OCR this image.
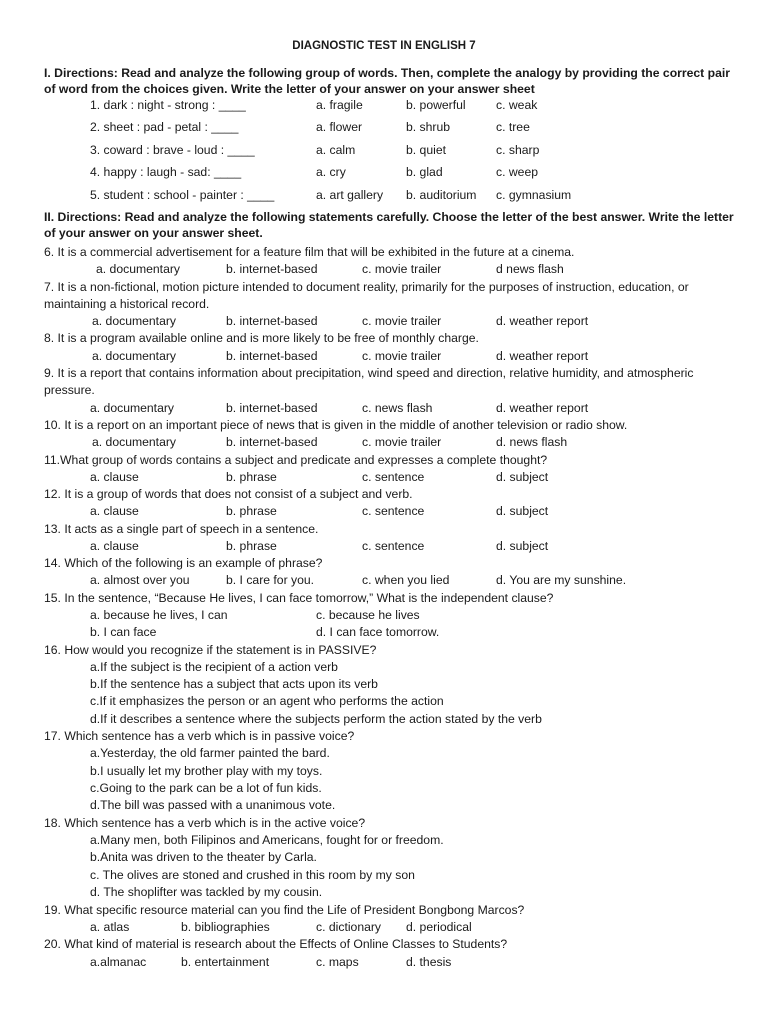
DIAGNOSTIC TEST IN ENGLISH 7
I. Directions: Read and analyze the following group of words. Then, complete the analogy by providing the correct pair of word from the choices given. Write the letter of your answer on your answer sheet
1. dark : night - strong : ____	a. fragile	b. powerful c. weak
2. sheet : pad - petal : ____	a. flower	b. shrub	c. tree
3. coward : brave - loud : ____	a. calm	b. quiet	c. sharp
4. happy : laugh - sad: ____	a. cry	b. glad	c. weep
5. student : school - painter : ____	a. art gallery b. auditorium c. gymnasium
II. Directions: Read and analyze the following statements carefully. Choose the letter of the best answer. Write the letter of your answer on your answer sheet.
6. It is a commercial advertisement for a feature film that will be exhibited in the future at a cinema.
a. documentary	b. internet-based	c. movie trailer	d news flash
7. It is a non-fictional, motion picture intended to document reality, primarily for the purposes of instruction, education, or maintaining a historical record.
a. documentary	b. internet-based	c. movie trailer	d. weather report
8. It is a program available online and is more likely to be free of monthly charge.
a. documentary	b. internet-based	c. movie trailer	d. weather report
9. It is a report that contains information about precipitation, wind speed and direction, relative humidity, and atmospheric pressure.
a. documentary	b. internet-based	c. news flash	d. weather report
10. It is a report on an important piece of news that is given in the middle of another television or radio show.
a. documentary	b. internet-based	c. movie trailer	d. news flash
11.What group of words contains a subject and predicate and expresses a complete thought?
a. clause	b. phrase	c. sentence	d. subject
12. It is a group of words that does not consist of a subject and verb.
a. clause	b. phrase	c. sentence	d. subject
13. It acts as a single part of speech in a sentence.
a. clause	b. phrase	c. sentence	d. subject
14. Which of the following is an example of phrase?
a. almost over you	b. I care for you.	c. when you lied	d. You are my sunshine.
15. In the sentence, “Because He lives, I can face tomorrow,” What is the independent clause?
a. because he lives, I can	c. because he lives
b. I can face	d. I can face tomorrow.
16. How would you recognize if the statement is in PASSIVE?
a.If the subject is the recipient of a action verb
b.If the sentence has a subject that acts upon its verb
c.If it emphasizes the person or an agent who performs the action
d.If it describes a sentence where the subjects perform the action stated by the verb
17. Which sentence has a verb which is in passive voice?
a.Yesterday, the old farmer painted the bard.
b.I usually let my brother play with my toys.
c.Going to the park can be a lot of fun kids.
d.The bill was passed with a unanimous vote.
18. Which sentence has a verb which is in the active voice?
a.Many men, both Filipinos and Americans, fought for or freedom.
b.Anita was driven to the theater by Carla.
c. The olives are stoned and crushed in this room by my son
d. The shoplifter was tackled by my cousin.
19. What specific resource material can you find the Life of President Bongbong Marcos?
a. atlas	b. bibliographies	c. dictionary d. periodical
20. What kind of material is research about the Effects of Online Classes to Students?
a.almanac	b. entertainment	c. maps	d. thesis
